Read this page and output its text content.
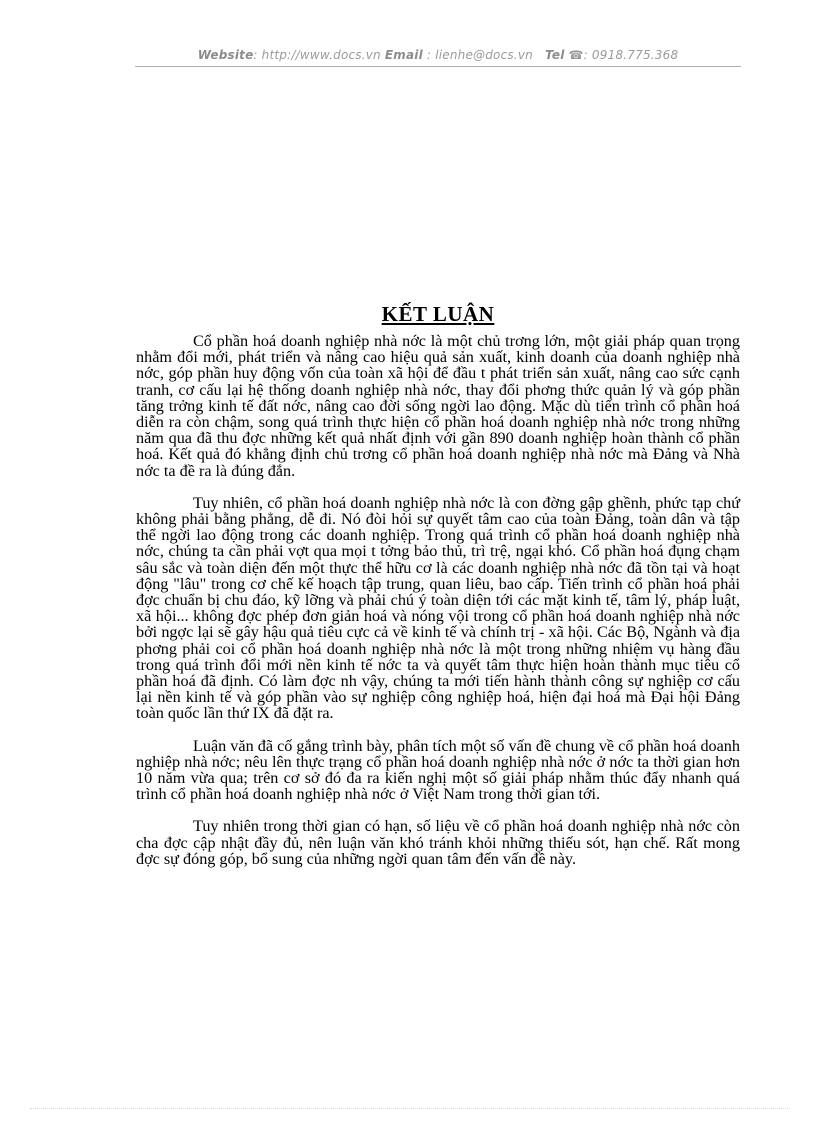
Website: http://www.docs.vn Email : lienhe@docs.vn Tel ☎: 0918.775.368
KẾT LUẬN

Cổ phần hoá doanh nghiệp nhà nớc là một chủ trơng lớn, một giải pháp quan trọng nhằm đổi mới, phát triển và nâng cao hiệu quả sản xuất, kinh doanh của doanh nghiệp nhà nớc, góp phần huy động vốn của toàn xã hội để đầu t phát triển sản xuất, nâng cao sức cạnh tranh, cơ cấu lại hệ thống doanh nghiệp nhà nớc, thay đổi phơng thức quản lý và góp phần tăng trởng kinh tế đất nớc, nâng cao đời sống ngời lao động. Mặc dù tiến trình cổ phần hoá diễn ra còn chậm, song quá trình thực hiện cổ phần hoá doanh nghiệp nhà nớc trong những năm qua đã thu đợc những kết quả nhất định với gần 890 doanh nghiệp hoàn thành cổ phần hoá. Kết quả đó khẳng định chủ trơng cổ phần hoá doanh nghiệp nhà nớc mà Đảng và Nhà nớc ta đề ra là đúng đắn.

Tuy nhiên, cổ phần hoá doanh nghiệp nhà nớc là con đờng gập ghềnh, phức tạp chứ không phải bằng phẳng, dễ đi. Nó đòi hỏi sự quyết tâm cao của toàn Đảng, toàn dân và tập thể ngời lao động trong các doanh nghiệp. Trong quá trình cổ phần hoá doanh nghiệp nhà nớc, chúng ta cần phải vợt qua mọi t tởng bảo thủ, trì trệ, ngại khó. Cổ phần hoá đụng chạm sâu sắc và toàn diện đến một thực thể hữu cơ là các doanh nghiệp nhà nớc đã tồn tại và hoạt động "lâu" trong cơ chế kế hoạch tập trung, quan liêu, bao cấp. Tiến trình cổ phần hoá phải đợc chuẩn bị chu đáo, kỹ lỡng và phải chú ý toàn diện tới các mặt kinh tế, tâm lý, pháp luật, xã hội... không đợc phép đơn giản hoá và nóng vội trong cổ phần hoá doanh nghiệp nhà nớc bởi ngợc lại sẽ gây hậu quả tiêu cực cả về kinh tế và chính trị - xã hội. Các Bộ, Ngành và địa phơng phải coi cổ phần hoá doanh nghiệp nhà nớc là một trong những nhiệm vụ hàng đầu trong quá trình đổi mới nền kinh tế nớc ta và quyết tâm thực hiện hoàn thành mục tiêu cổ phần hoá đã định. Có làm đợc nh vậy, chúng ta mới tiến hành thành công sự nghiệp cơ cấu lại nền kinh tế và góp phần vào sự nghiệp công nghiệp hoá, hiện đại hoá mà Đại hội Đảng toàn quốc lần thứ IX đã đặt ra.

Luận văn đã cố gắng trình bày, phân tích một số vấn đề chung về cổ phần hoá doanh nghiệp nhà nớc; nêu lên thực trạng cổ phần hoá doanh nghiệp nhà nớc ở nớc ta thời gian hơn 10 năm vừa qua; trên cơ sở đó đa ra kiến nghị một số giải pháp nhằm thúc đẩy nhanh quá trình cổ phần hoá doanh nghiệp nhà nớc ở Việt Nam trong thời gian tới.

Tuy nhiên trong thời gian có hạn, số liệu về cổ phần hoá doanh nghiệp nhà nớc còn cha đợc cập nhật đầy đủ, nên luận văn khó tránh khỏi những thiếu sót, hạn chế. Rất mong đợc sự đóng góp, bổ sung của những ngời quan tâm đến vấn đề này.
